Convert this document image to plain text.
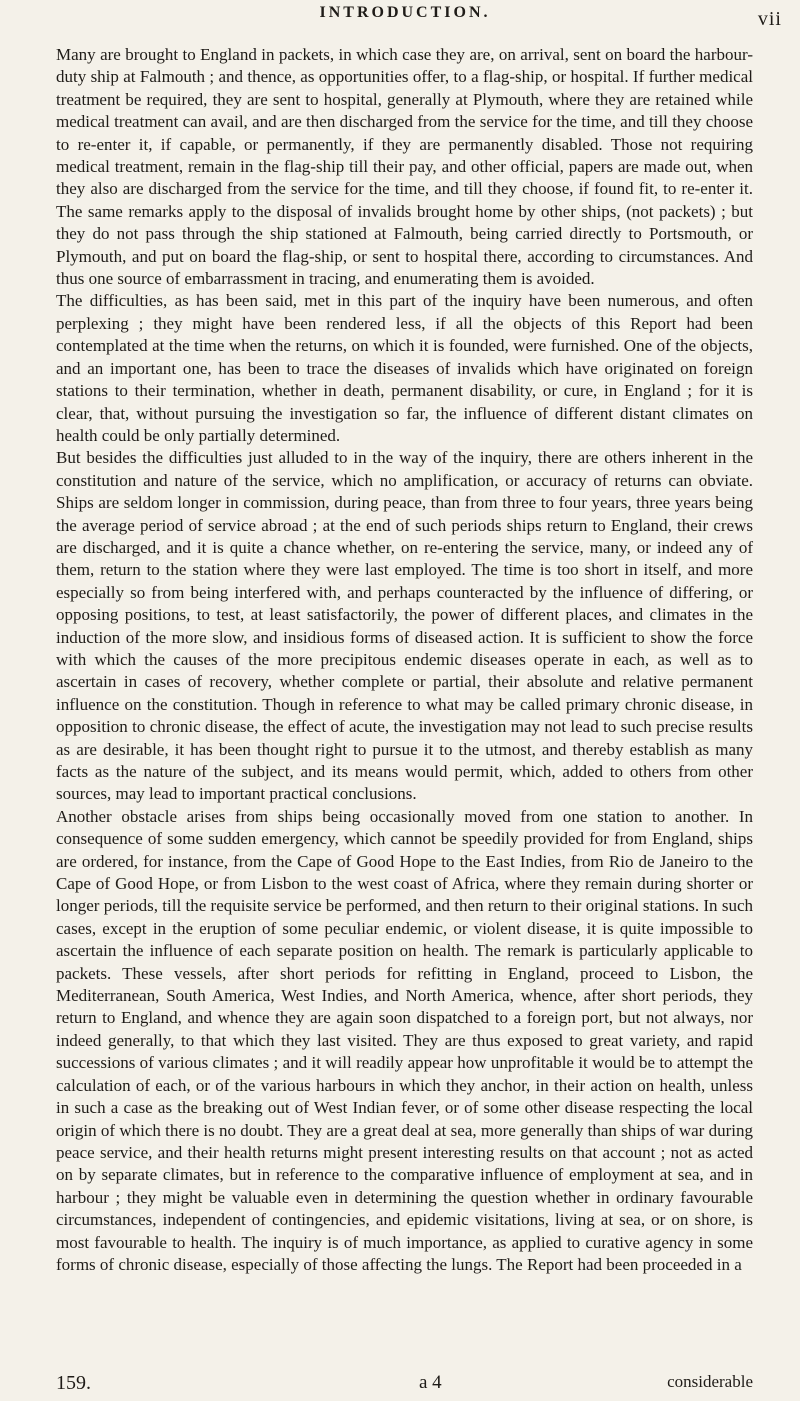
INTRODUCTION.	vii

Many are brought to England in packets, in which case they are, on arrival, sent on board the harbour-duty ship at Falmouth ; and thence, as opportunities offer, to a flag-ship, or hospital. If further medical treatment be required, they are sent to hospital, generally at Plymouth, where they are retained while medical treatment can avail, and are then discharged from the service for the time, and till they choose to re-enter it, if capable, or permanently, if they are permanently disabled. Those not requiring medical treatment, remain in the flag-ship till their pay, and other official, papers are made out, when they also are discharged from the service for the time, and till they choose, if found fit, to re-enter it. The same remarks apply to the disposal of invalids brought home by other ships, (not packets) ; but they do not pass through the ship stationed at Falmouth, being carried directly to Portsmouth, or Plymouth, and put on board the flag-ship, or sent to hospital there, according to circumstances. And thus one source of embarrassment in tracing, and enumerating them is avoided.

The difficulties, as has been said, met in this part of the inquiry have been numerous, and often perplexing ; they might have been rendered less, if all the objects of this Report had been contemplated at the time when the returns, on which it is founded, were furnished. One of the objects, and an important one, has been to trace the diseases of invalids which have originated on foreign stations to their termination, whether in death, permanent disability, or cure, in England ; for it is clear, that, without pursuing the investigation so far, the influence of different distant climates on health could be only partially determined.

But besides the difficulties just alluded to in the way of the inquiry, there are others inherent in the constitution and nature of the service, which no amplification, or accuracy of returns can obviate. Ships are seldom longer in commission, during peace, than from three to four years, three years being the average period of service abroad ; at the end of such periods ships return to England, their crews are discharged, and it is quite a chance whether, on re-entering the service, many, or indeed any of them, return to the station where they were last employed. The time is too short in itself, and more especially so from being interfered with, and perhaps counteracted by the influence of differing, or opposing positions, to test, at least satisfactorily, the power of different places, and climates in the induction of the more slow, and insidious forms of diseased action. It is sufficient to show the force with which the causes of the more precipitous endemic diseases operate in each, as well as to ascertain in cases of recovery, whether complete or partial, their absolute and relative permanent influence on the constitution. Though in reference to what may be called primary chronic disease, in opposition to chronic disease, the effect of acute, the investigation may not lead to such precise results as are desirable, it has been thought right to pursue it to the utmost, and thereby establish as many facts as the nature of the subject, and its means would permit, which, added to others from other sources, may lead to important practical conclusions.

Another obstacle arises from ships being occasionally moved from one station to another. In consequence of some sudden emergency, which cannot be speedily provided for from England, ships are ordered, for instance, from the Cape of Good Hope to the East Indies, from Rio de Janeiro to the Cape of Good Hope, or from Lisbon to the west coast of Africa, where they remain during shorter or longer periods, till the requisite service be performed, and then return to their original stations. In such cases, except in the eruption of some peculiar endemic, or violent disease, it is quite impossible to ascertain the influence of each separate position on health. The remark is particularly applicable to packets. These vessels, after short periods for refitting in England, proceed to Lisbon, the Mediterranean, South America, West Indies, and North America, whence, after short periods, they return to England, and whence they are again soon dispatched to a foreign port, but not always, nor indeed generally, to that which they last visited. They are thus exposed to great variety, and rapid successions of various climates ; and it will readily appear how unprofitable it would be to attempt the calculation of each, or of the various harbours in which they anchor, in their action on health, unless in such a case as the breaking out of West Indian fever, or of some other disease respecting the local origin of which there is no doubt. They are a great deal at sea, more generally than ships of war during peace service, and their health returns might present interesting results on that account ; not as acted on by separate climates, but in reference to the comparative influence of employment at sea, and in harbour ; they might be valuable even in determining the question whether in ordinary favourable circumstances, independent of contingencies, and epidemic visitations, living at sea, or on shore, is most favourable to health. The inquiry is of much importance, as applied to curative agency in some forms of chronic disease, especially of those affecting the lungs. The Report had been proceeded in a

159.	a 4	considerable
